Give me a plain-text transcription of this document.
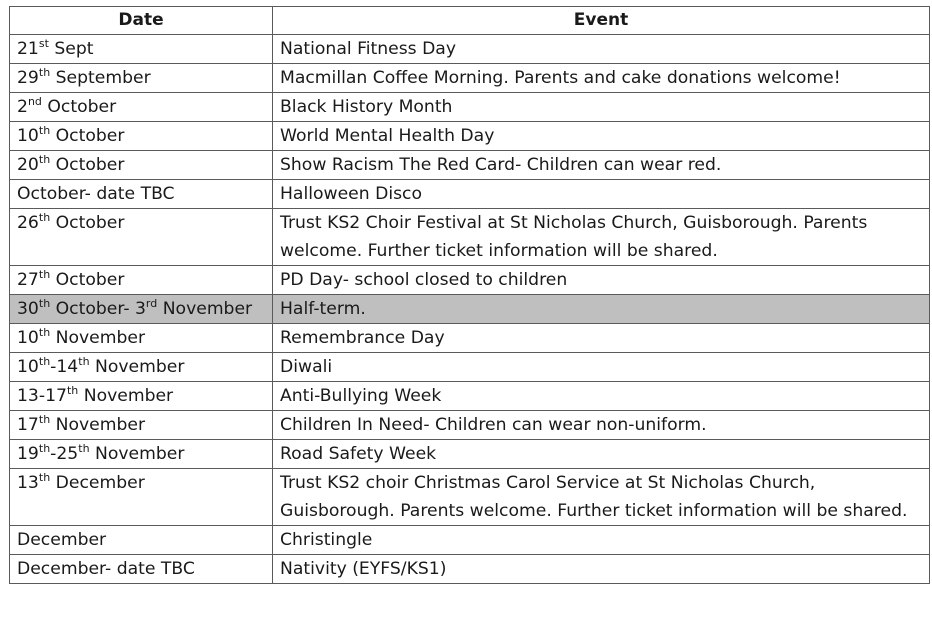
Date	Event
21st Sept	National Fitness Day
29th September	Macmillan Coffee Morning. Parents and cake donations welcome!
2nd October	Black History Month
10th October	World Mental Health Day
20th October	Show Racism The Red Card- Children can wear red.
October- date TBC	Halloween Disco
26th October	Trust KS2 Choir Festival at St Nicholas Church, Guisborough. Parents welcome. Further ticket information will be shared.
27th October	PD Day- school closed to children
30th October- 3rd November	Half-term.
10th November	Remembrance Day
10th-14th November	Diwali
13-17th November	Anti-Bullying Week
17th November	Children In Need- Children can wear non-uniform.
19th-25th November	Road Safety Week
13th December	Trust KS2 choir Christmas Carol Service at St Nicholas Church, Guisborough. Parents welcome. Further ticket information will be shared.
December	Christingle
December- date TBC	Nativity (EYFS/KS1)
